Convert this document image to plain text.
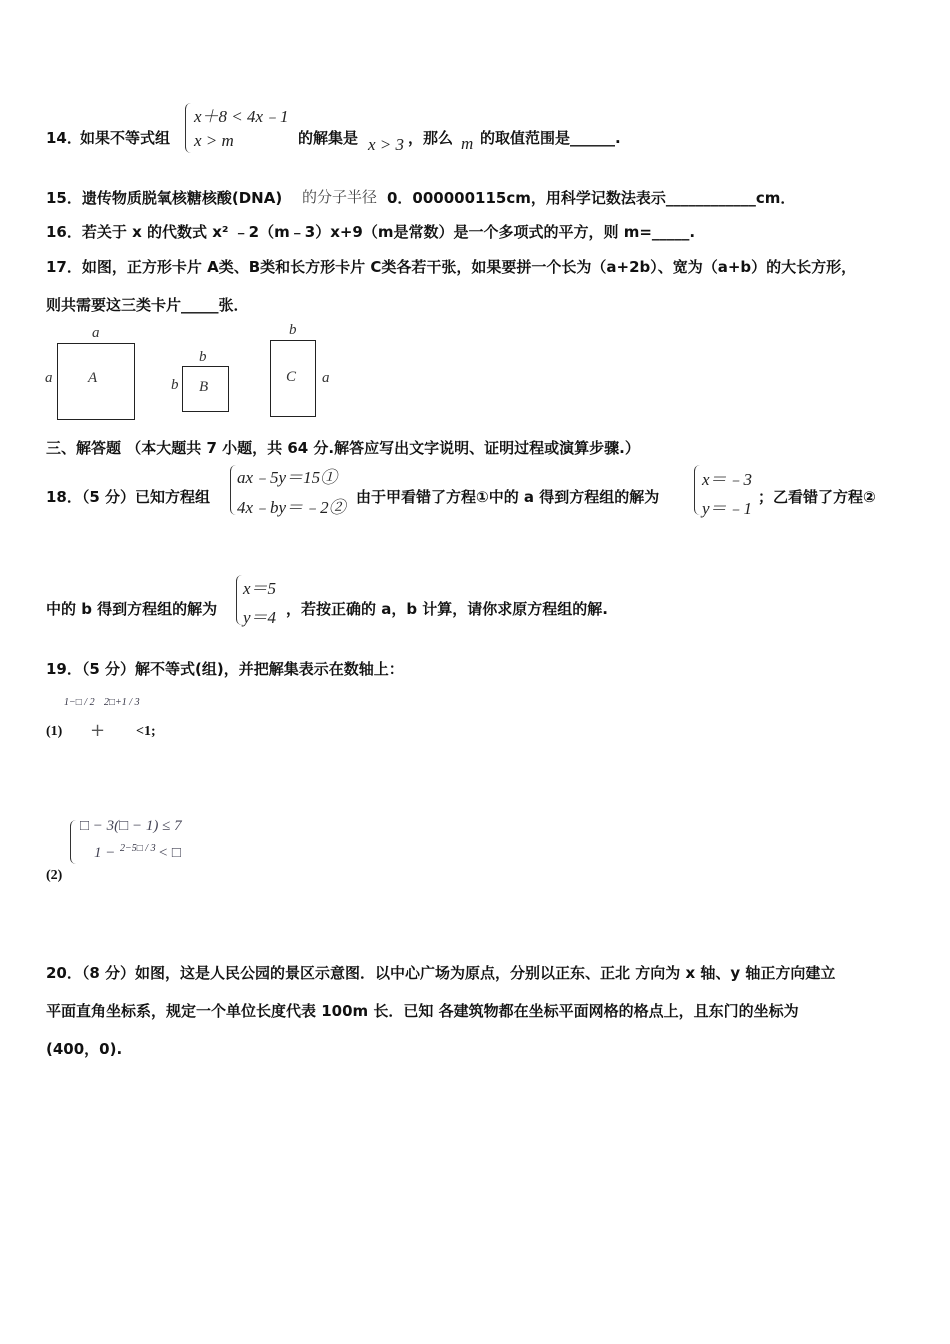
14．
如果不等式组
x＋8 < 4x﹣1
x > m	的解集是 x > 3 ，那么 m 的取值范围是______.
15．遗传物质脱氧核糖核酸(DNA) 的分子半径 0．000000115cm，用科学记数法表示____________cm．
16．若关于 x 的代数式 x² ﹣2（m﹣3）x+9（m是常数）是一个多项式的平方，则 m=_____.
17．如图，正方形卡片 A类、B类和长方形卡片 C类各若干张，如果要拼一个长为（a+2b）、宽为（a+b）的大长方形，
则共需要这三类卡片_____张．
a
a A
b
b B
b
a
C
三、解答题 （本大题共 7 小题，共 64 分.解答应写出文字说明、证明过程或演算步骤.）
18．（5 分）已知方程组
ax﹣5y＝15①
4x﹣by＝﹣2②
由于甲看错了方程①中的 a 得到方程组的解为
x＝﹣3
y＝﹣1
；乙看错了方程②
中的 b 得到方程组的解为
x＝5
y＝4 ，若按正确的 a，b 计算，请你求原方程组的解.
19．（5 分）解不等式(组)，并把解集表示在数轴上：
(1)
1−□ / 2
+
2□+1 / 3
<1;
□ − 3(□ − 1) ≤ 7
1 − 2−5□ / 3 < □
(2)
20．（8 分）如图，这是人民公园的景区示意图．以中心广场为原点，分别以正东、正北 方向为 x 轴、y 轴正方向建立
平面直角坐标系，规定一个单位长度代表 100m 长．已知 各建筑物都在坐标平面网格的格点上，且东门的坐标为
(400，0).
